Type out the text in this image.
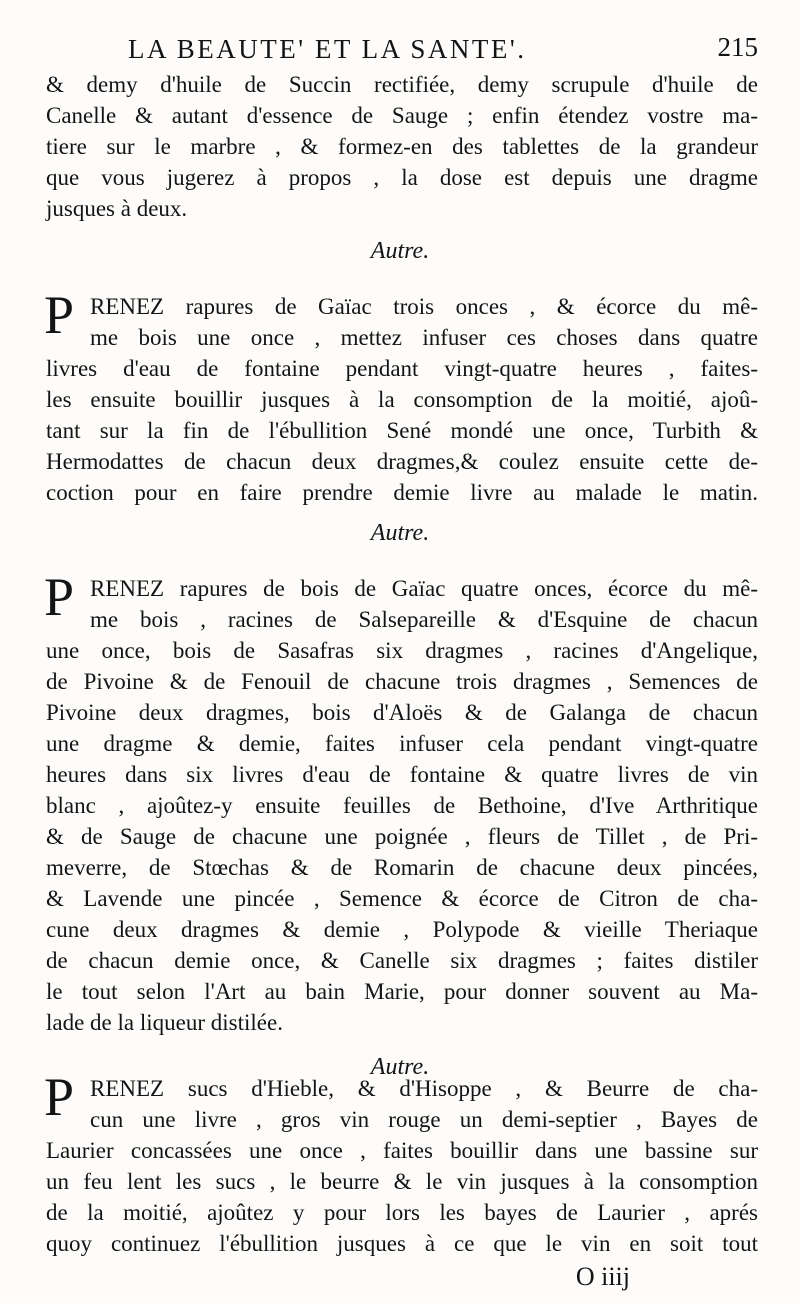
LA BEAUTE' ET LA SANTE'.	215
& demy d'huile de Succin rectifiée, demy scrupule d'huile de
Canelle & autant d'essence de Sauge ; enfin étendez vostre ma-
tiere sur le marbre , & formez-en des tablettes de la grandeur
que vous jugerez à propos , la dose est depuis une dragme
jusques à deux.
Autre.
P RENEZ rapures de Gaïac trois onces , & écorce du mê-
me bois une once , mettez infuser ces choses dans quatre
livres d'eau de fontaine pendant vingt-quatre heures , faites-
les ensuite bouillir jusques à la consomption de la moitié, ajoû-
tant sur la fin de l'ébullition Sené mondé une once, Turbith &
Hermodattes de chacun deux dragmes,& coulez ensuite cette de-
coction pour en faire prendre demie livre au malade le matin.
Autre.
P RENEZ rapures de bois de Gaïac quatre onces, écorce du mê-
me bois , racines de Salsepareille & d'Esquine de chacun
une once, bois de Sasafras six dragmes , racines d'Angelique,
de Pivoine & de Fenouil de chacune trois dragmes , Semences de
Pivoine deux dragmes, bois d'Aloës & de Galanga de chacun
une dragme & demie, faites infuser cela pendant vingt-quatre
heures dans six livres d'eau de fontaine & quatre livres de vin
blanc , ajoûtez-y ensuite feuilles de Bethoine, d'Ive Arthritique
& de Sauge de chacune une poignée , fleurs de Tillet , de Pri-
meverre, de Stœchas & de Romarin de chacune deux pincées,
& Lavende une pincée , Semence & écorce de Citron de cha-
cune deux dragmes & demie , Polypode & vieille Theriaque
de chacun demie once, & Canelle six dragmes ; faites distiler
le tout selon l'Art au bain Marie, pour donner souvent au Ma-
lade de la liqueur distilée.
Autre.
P RENEZ sucs d'Hieble, & d'Hisoppe , & Beurre de cha-
cun une livre , gros vin rouge un demi-septier , Bayes de
Laurier concassées une once , faites bouillir dans une bassine sur
un feu lent les sucs , le beurre & le vin jusques à la consomption
de la moitié, ajoûtez y pour lors les bayes de Laurier , aprés
quoy continuez l'ébullition jusques à ce que le vin en soit tout
O iiij
